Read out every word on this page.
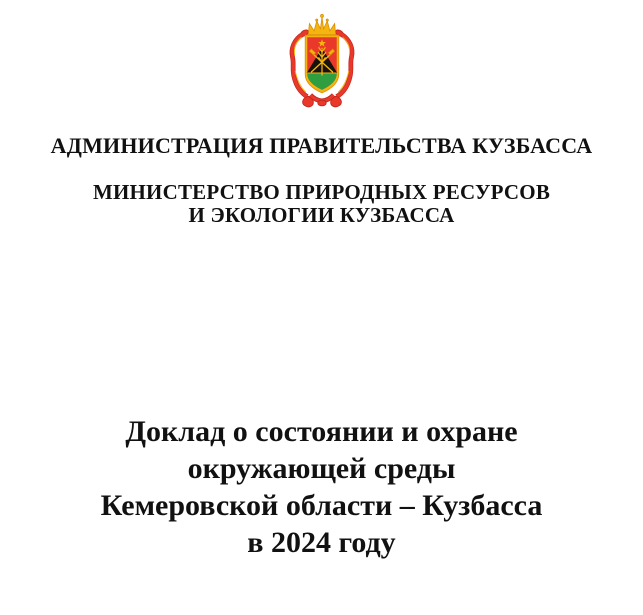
АДМИНИСТРАЦИЯ ПРАВИТЕЛЬСТВА КУЗБАССА
МИНИСТЕРСТВО ПРИРОДНЫХ РЕСУРСОВ
И ЭКОЛОГИИ КУЗБАССА
Доклад о состоянии и охране
окружающей среды
Кемеровской области – Кузбасса
в 2024 году
